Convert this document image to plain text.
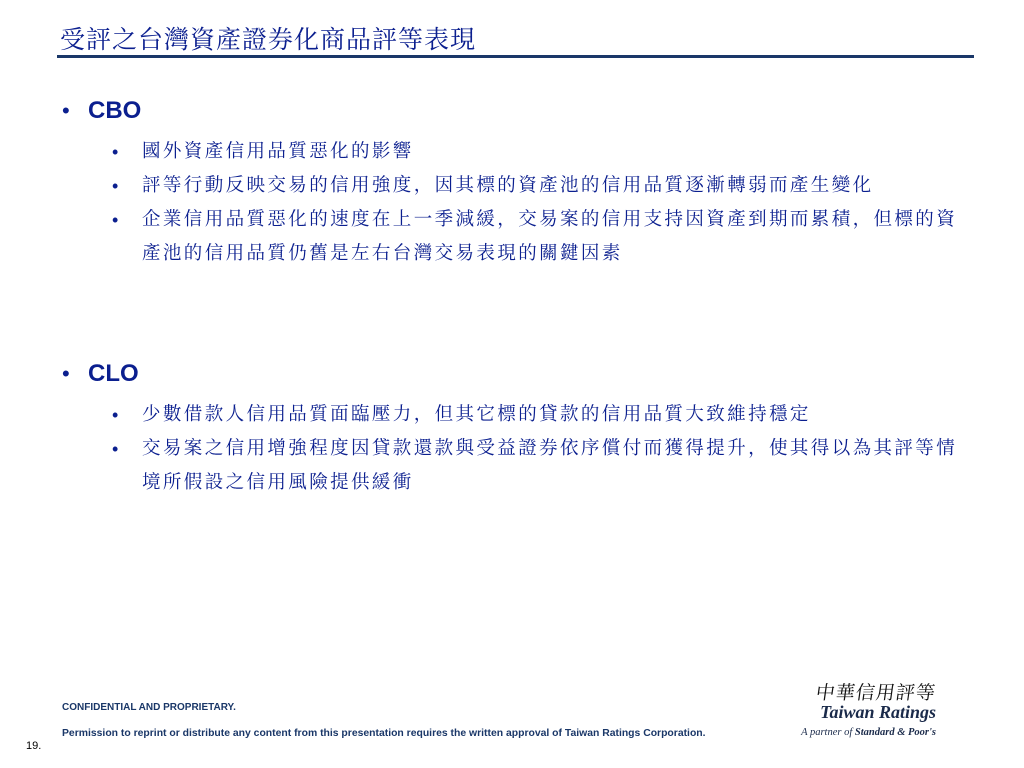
受評之台灣資產證券化商品評等表現
• CBO
• 國外資產信用品質惡化的影響
• 評等行動反映交易的信用強度，因其標的資產池的信用品質逐漸轉弱而產生變化
• 企業信用品質惡化的速度在上一季減緩，交易案的信用支持因資產到期而累積，但標的資產池的信用品質仍舊是左右台灣交易表現的關鍵因素
• CLO
• 少數借款人信用品質面臨壓力，但其它標的貸款的信用品質大致維持穩定
• 交易案之信用增強程度因貸款還款與受益證券依序償付而獲得提升，使其得以為其評等情境所假設之信用風險提供緩衝
CONFIDENTIAL AND PROPRIETARY.
Permission to reprint or distribute any content from this presentation requires the written approval of Taiwan Ratings Corporation.
19.
中華信用評等
Taiwan Ratings
A partner of Standard & Poor's
